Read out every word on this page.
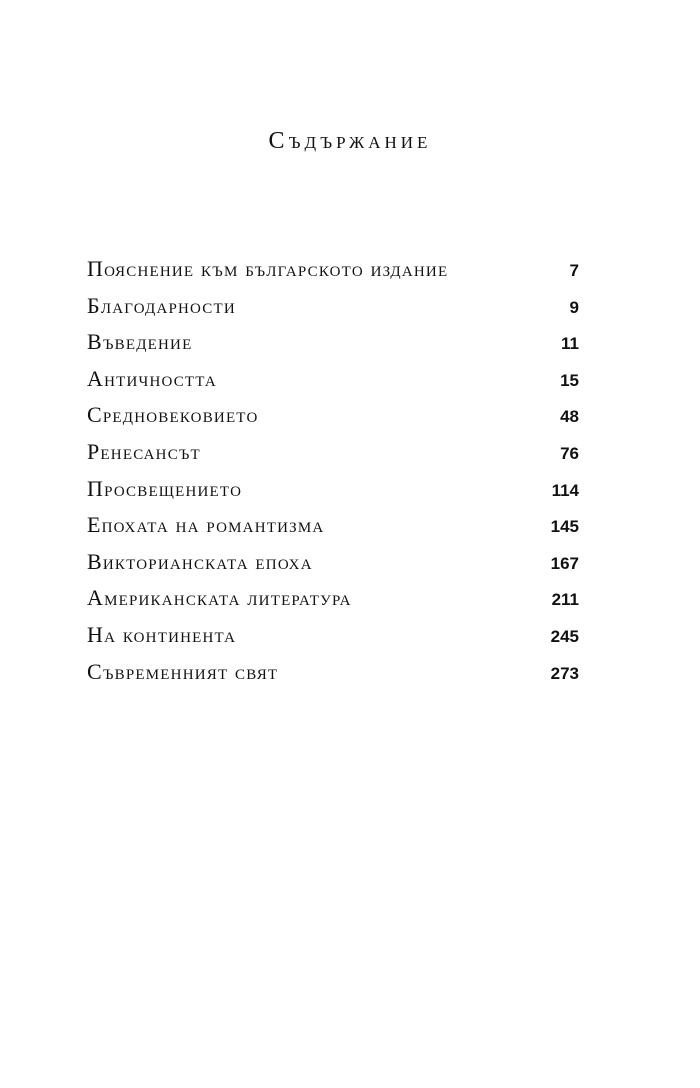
Съдържание
Пояснение към българското издание	7
Благодарности	9
Въведение	11
Античността	15
Средновековието	48
Ренесансът	76
Просвещението	114
Епохата на романтизма	145
Викторианската епоха	167
Американската литература	211
На континента	245
Съвременният свят	273
